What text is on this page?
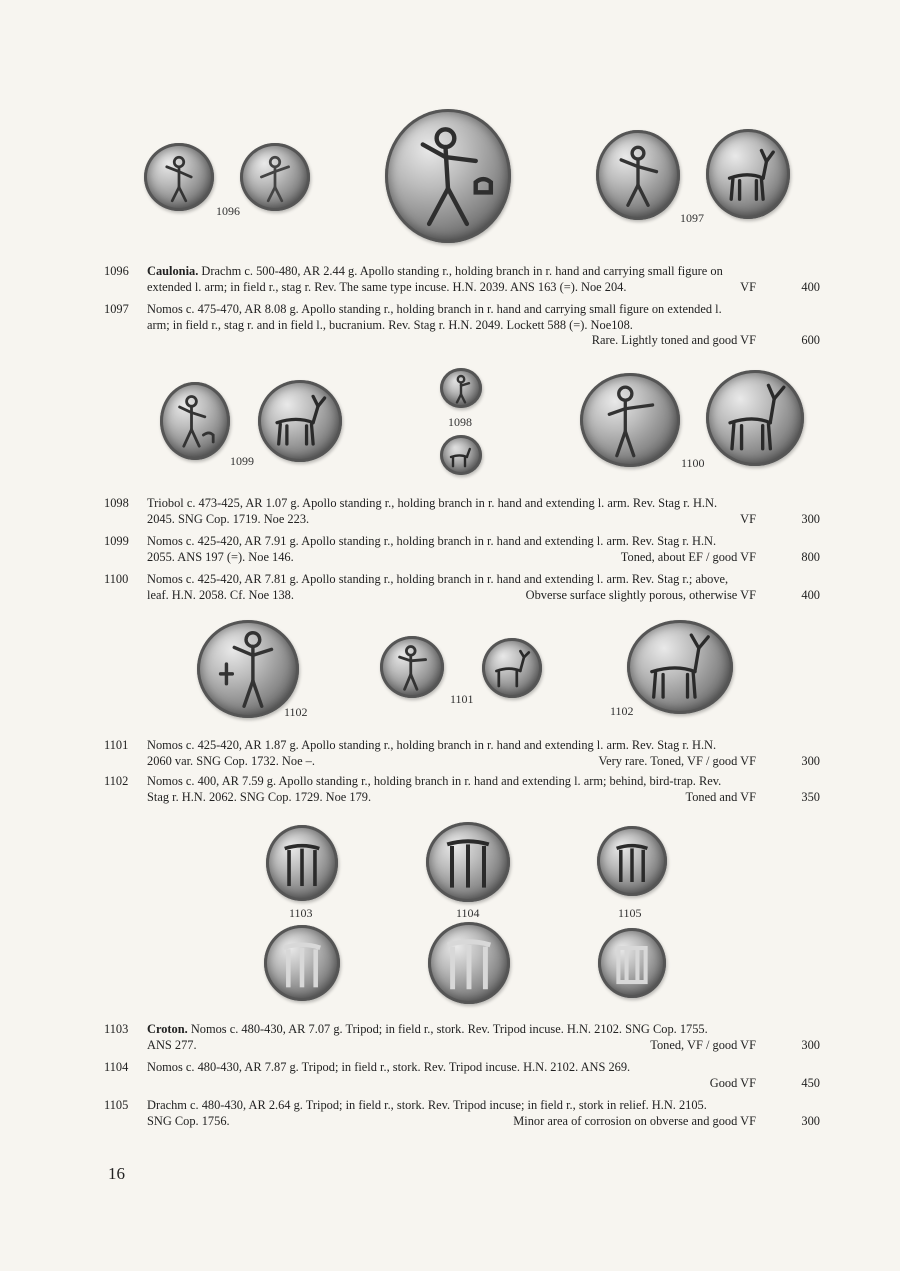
1096	1097
1096	Caulonia. Drachm c. 500-480, AR 2.44 g. Apollo standing r., holding branch in r. hand and carrying small figure on
extended l. arm; in field r., stag r. Rev. The same type incuse. H.N. 2039. ANS 163 (=). Noe 204.	VF	400
1097	Nomos c. 475-470, AR 8.08 g. Apollo standing r., holding branch in r. hand and carrying small figure on extended l.
arm; in field r., stag r. and in field l., bucranium. Rev. Stag r. H.N. 2049. Lockett 588 (=). Noe108.
Rare. Lightly toned and good VF	600
1099
1098
1100
1098	Triobol c. 473-425, AR 1.07 g. Apollo standing r., holding branch in r. hand and extending l. arm. Rev. Stag r. H.N.
2045. SNG Cop. 1719. Noe 223.	VF	300
1099	Nomos c. 425-420, AR 7.91 g. Apollo standing r., holding branch in r. hand and extending l. arm. Rev. Stag r. H.N.
2055. ANS 197 (=). Noe 146.	Toned, about EF / good VF	800
1100	Nomos c. 425-420, AR 7.81 g. Apollo standing r., holding branch in r. hand and extending l. arm. Rev. Stag r.; above,
leaf. H.N. 2058. Cf. Noe 138.	Obverse surface slightly porous, otherwise VF	400
1102
1101
1102
1101	Nomos c. 425-420, AR 1.87 g. Apollo standing r., holding branch in r. hand and extending l. arm. Rev. Stag r. H.N.
2060 var. SNG Cop. 1732. Noe –.	Very rare. Toned, VF / good VF	300
1102	Nomos c. 400, AR 7.59 g. Apollo standing r., holding branch in r. hand and extending l. arm; behind, bird-trap. Rev.
Stag r. H.N. 2062. SNG Cop. 1729. Noe 179.	Toned and VF	350
1103	1104	1105
1103	Croton. Nomos c. 480-430, AR 7.07 g. Tripod; in field r., stork. Rev. Tripod incuse. H.N. 2102. SNG Cop. 1755.
ANS 277.	Toned, VF / good VF	300
1104	Nomos c. 480-430, AR 7.87 g. Tripod; in field r., stork. Rev. Tripod incuse. H.N. 2102. ANS 269.
Good VF	450
1105	Drachm c. 480-430, AR 2.64 g. Tripod; in field r., stork. Rev. Tripod incuse; in field r., stork in relief. H.N. 2105.
SNG Cop. 1756.	Minor area of corrosion on obverse and good VF	300
16
